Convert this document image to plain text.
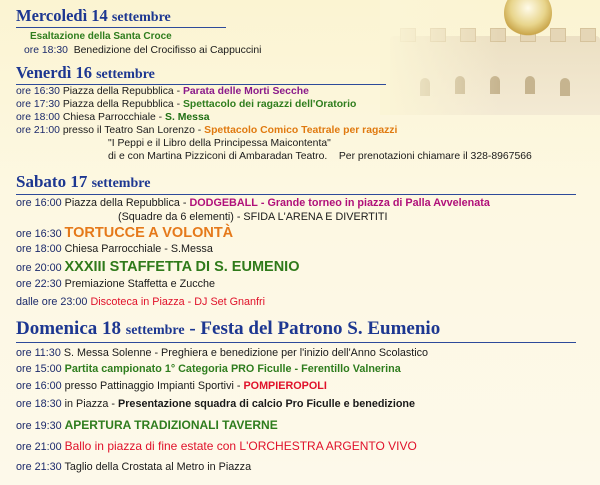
Mercoledì 14 settembre
Esaltazione della Santa Croce
ore 18:30 Benedizione del Crocifisso ai Cappuccini
Venerdì 16 settembre
ore 16:30 Piazza della Repubblica - Parata delle Morti Secche
ore 17:30 Piazza della Repubblica - Spettacolo dei ragazzi dell'Oratorio
ore 18:00 Chiesa Parrocchiale - S. Messa
ore 21:00 presso il Teatro San Lorenzo - Spettacolo Comico Teatrale per ragazzi
"I Peppi e il Libro della Principessa Maicontenta"
di e con Martina Pizziconi di Ambaradan Teatro. Per prenotazioni chiamare il 328-8967566
Sabato 17 settembre
ore 16:00 Piazza della Repubblica - DODGEBALL - Grande torneo in piazza di Palla Avvelenata
(Squadre da 6 elementi) - SFIDA L'ARENA E DIVERTITI
ore 16:30 TORTUCCE A VOLONTÀ
ore 18:00 Chiesa Parrocchiale - S.Messa
ore 20:00 XXXIII STAFFETTA DI S. EUMENIO
ore 22:30 Premiazione Staffetta e Zucche
dalle ore 23:00 Discoteca in Piazza - DJ Set Gnanfri
Domenica 18 settembre - Festa del Patrono S. Eumenio
ore 11:30 S. Messa Solenne - Preghiera e benedizione per l'inizio dell'Anno Scolastico
ore 15:00 Partita campionato 1° Categoria PRO Ficulle - Ferentillo Valnerina
ore 16:00 presso Pattinaggio Impianti Sportivi - POMPIEROPOLI
ore 18:30 in Piazza - Presentazione squadra di calcio Pro Ficulle e benedizione
ore 19:30 APERTURA TRADIZIONALI TAVERNE
ore 21:00 Ballo in piazza di fine estate con L'ORCHESTRA ARGENTO VIVO
ore 21:30 Taglio della Crostata al Metro in Piazza
